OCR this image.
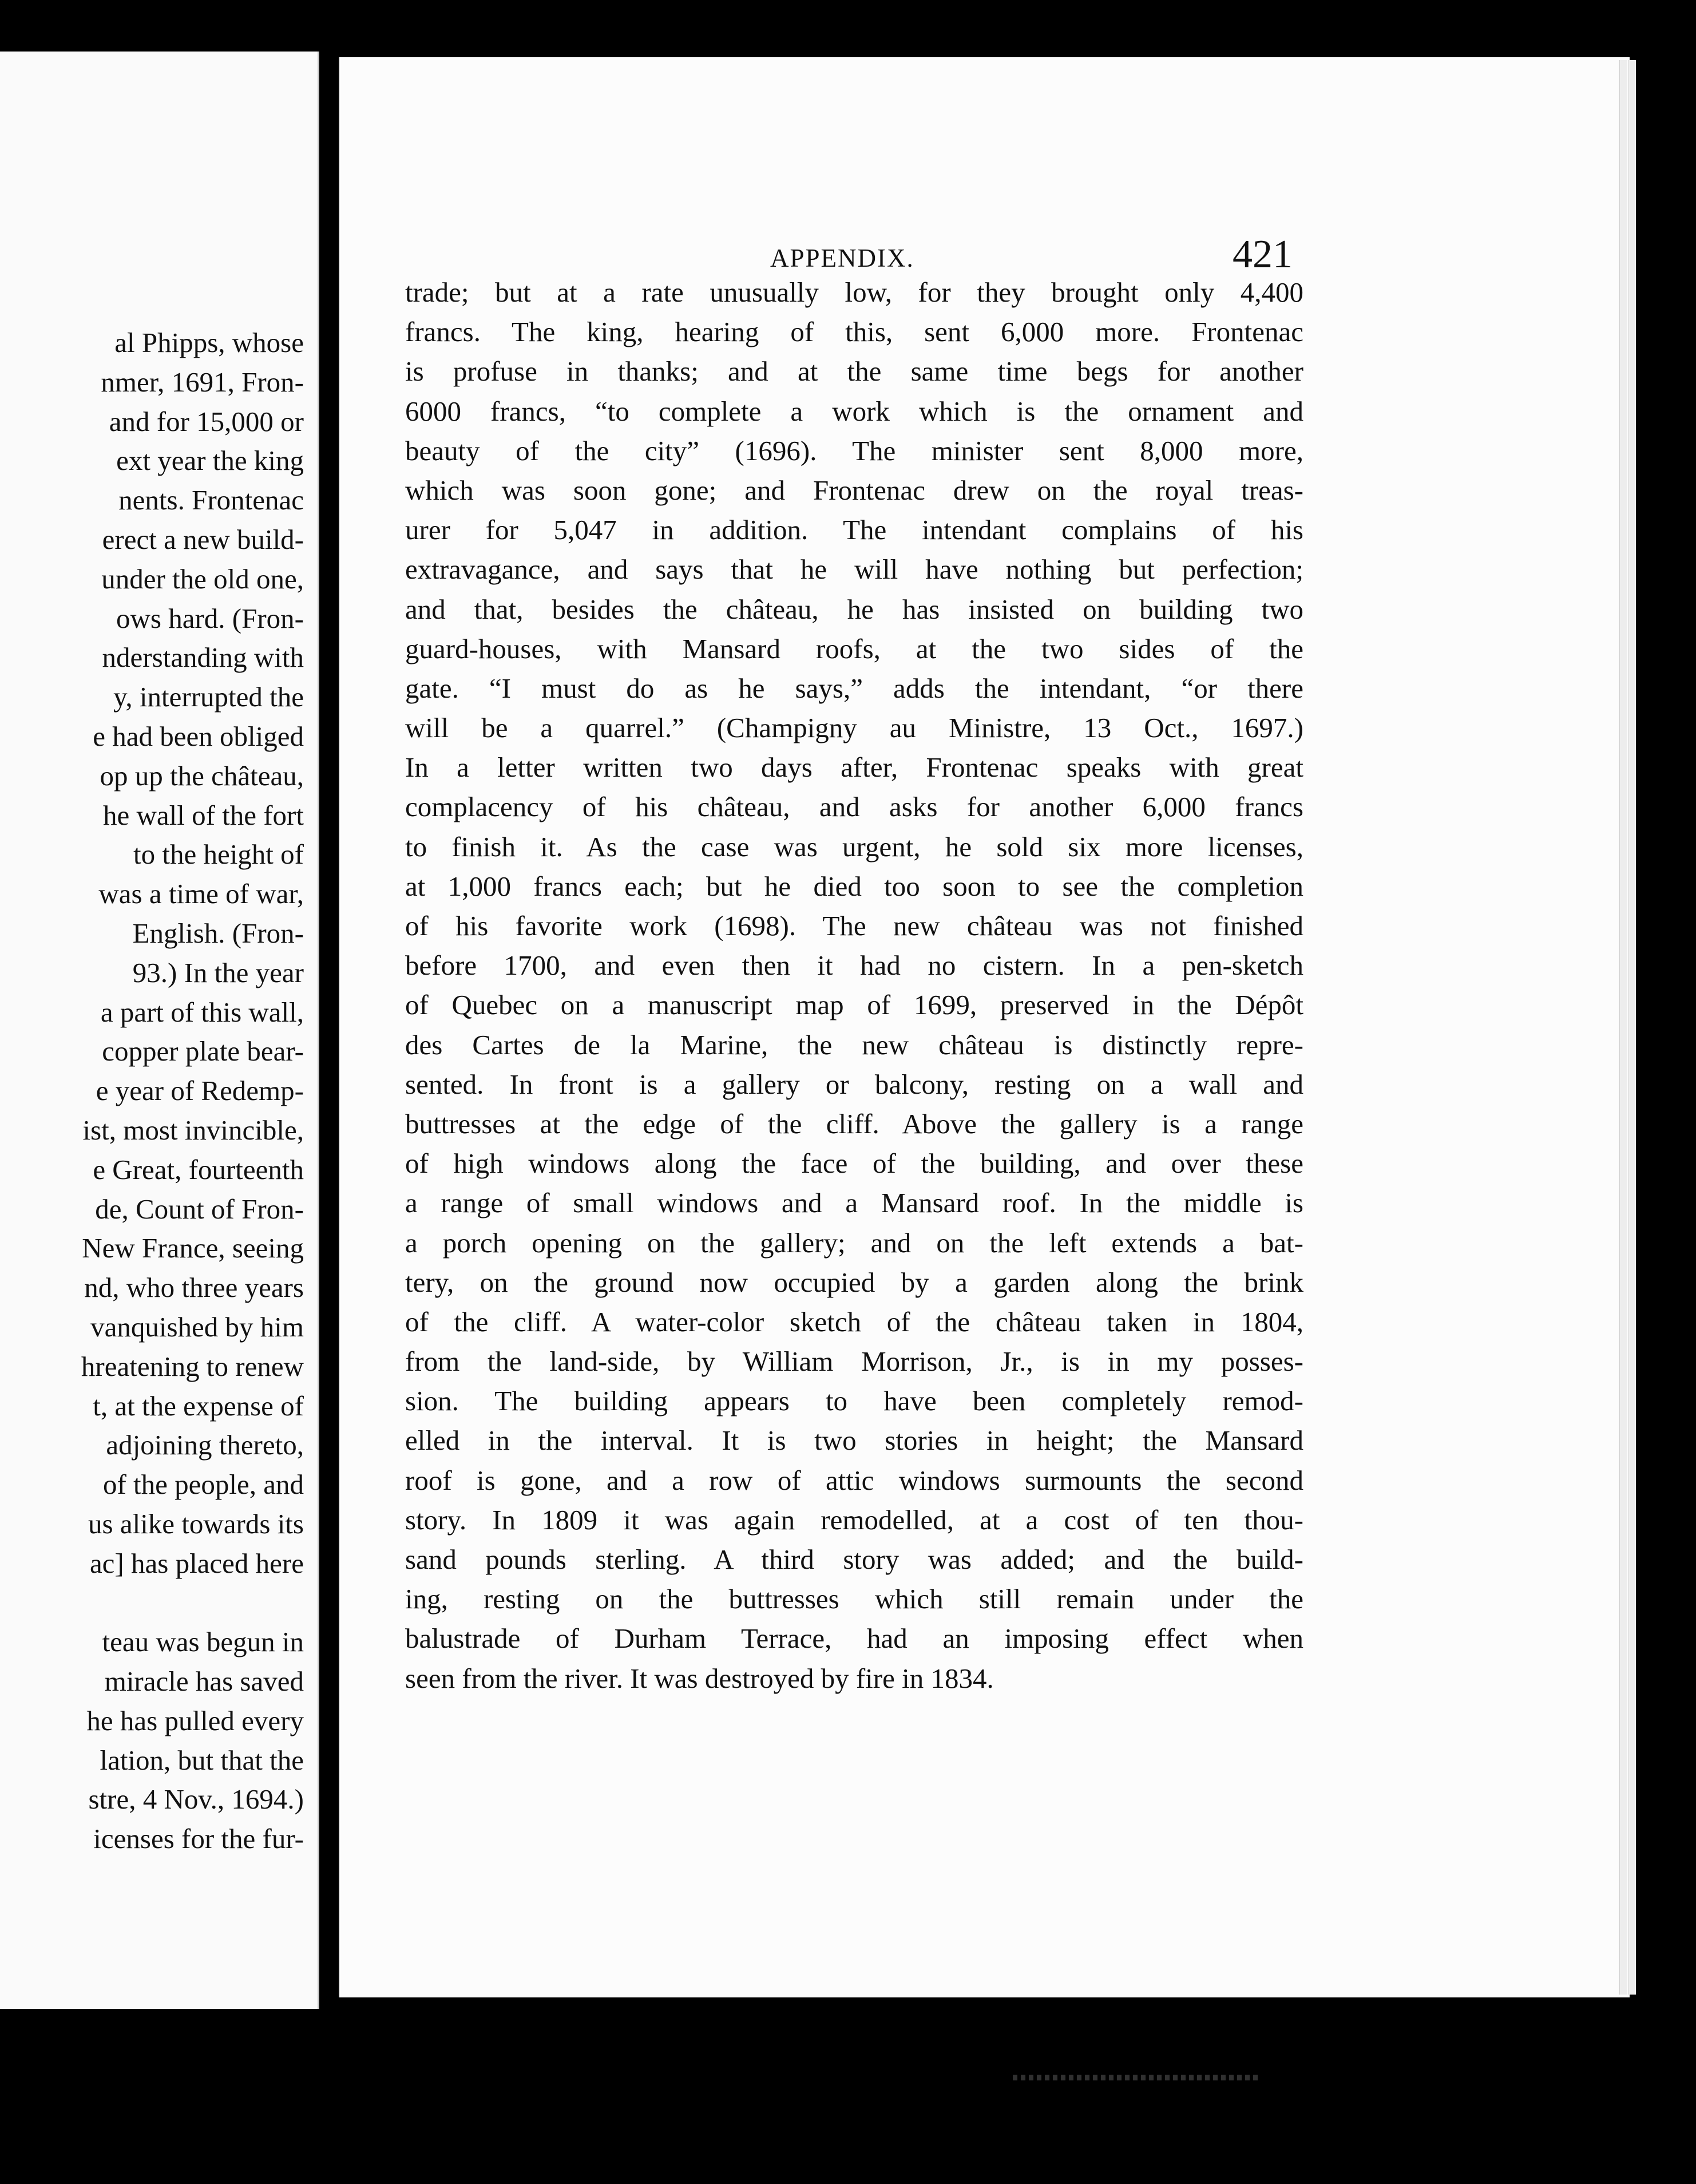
al Phipps, whose
nmer, 1691, Fron-
and for 15,000 or
ext year the king
nents. Frontenac
erect a new build-
under the old one,
ows hard. (Fron-
nderstanding with
y, interrupted the
e had been obliged
op up the château,
he wall of the fort
to the height of
was a time of war,
English. (Fron-
93.) In the year
a part of this wall,
copper plate bear-
e year of Redemp-
ist, most invincible,
e Great, fourteenth
de, Count of Fron-
New France, seeing
nd, who three years
vanquished by him
hreatening to renew
t, at the expense of
adjoining thereto,
of the people, and
us alike towards its
ac] has placed here
teau was begun in
miracle has saved
he has pulled every
lation, but that the
stre, 4 Nov., 1694.)
icenses for the fur-
APPENDIX.	421
trade; but at a rate unusually low, for they brought only 4,400
francs. The king, hearing of this, sent 6,000 more. Frontenac
is profuse in thanks; and at the same time begs for another
6000 francs, “to complete a work which is the ornament and
beauty of the city” (1696). The minister sent 8,000 more,
which was soon gone; and Frontenac drew on the royal treas-
urer for 5,047 in addition. The intendant complains of his
extravagance, and says that he will have nothing but perfection;
and that, besides the château, he has insisted on building two
guard-houses, with Mansard roofs, at the two sides of the
gate. “I must do as he says,” adds the intendant, “or there
will be a quarrel.” (Champigny au Ministre, 13 Oct., 1697.)
In a letter written two days after, Frontenac speaks with great
complacency of his château, and asks for another 6,000 francs
to finish it. As the case was urgent, he sold six more licenses,
at 1,000 francs each; but he died too soon to see the completion
of his favorite work (1698). The new château was not finished
before 1700, and even then it had no cistern. In a pen-sketch
of Quebec on a manuscript map of 1699, preserved in the Dépôt
des Cartes de la Marine, the new château is distinctly repre-
sented. In front is a gallery or balcony, resting on a wall and
buttresses at the edge of the cliff. Above the gallery is a range
of high windows along the face of the building, and over these
a range of small windows and a Mansard roof. In the middle is
a porch opening on the gallery; and on the left extends a bat-
tery, on the ground now occupied by a garden along the brink
of the cliff. A water-color sketch of the château taken in 1804,
from the land-side, by William Morrison, Jr., is in my posses-
sion. The building appears to have been completely remod-
elled in the interval. It is two stories in height; the Mansard
roof is gone, and a row of attic windows surmounts the second
story. In 1809 it was again remodelled, at a cost of ten thou-
sand pounds sterling. A third story was added; and the build-
ing, resting on the buttresses which still remain under the
balustrade of Durham Terrace, had an imposing effect when
seen from the river. It was destroyed by fire in 1834.
